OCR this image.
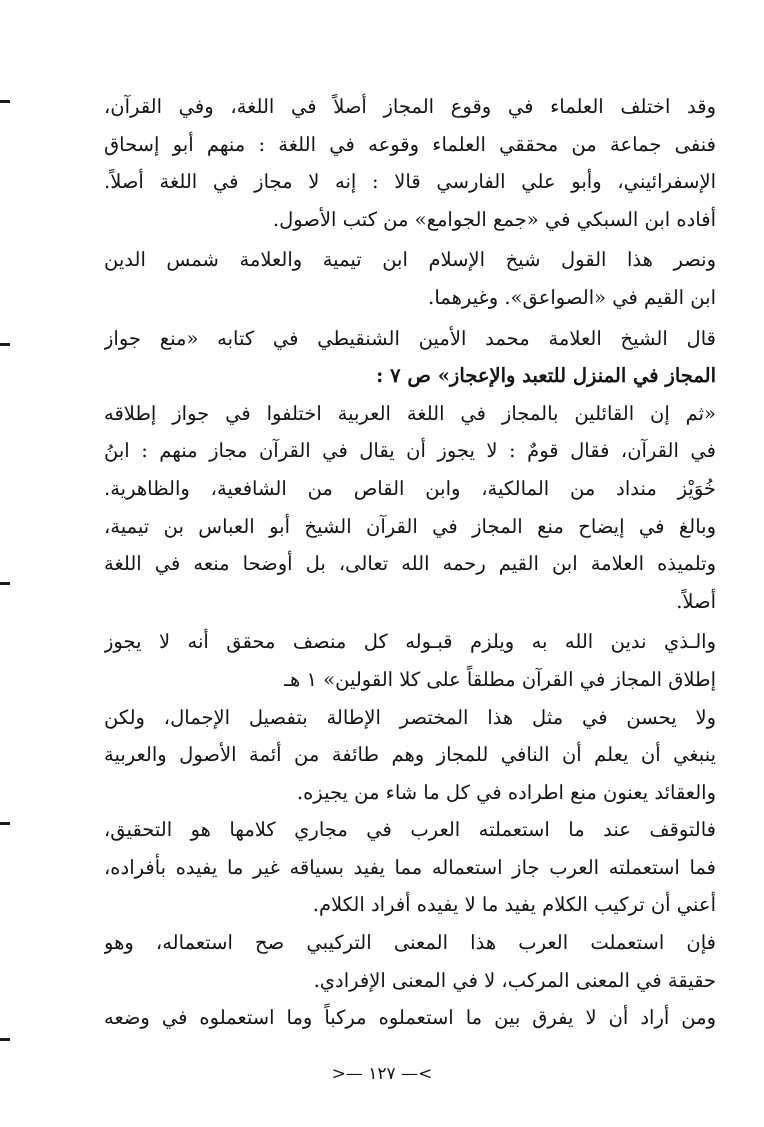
وقد اختلف العلماء في وقوع المجاز أصلاً في اللغة، وفي القرآن،
فنفى جماعة من محققي العلماء وقوعه في اللغة : منهم أبو إسحاق
الإسفرائيني، وأبو علي الفارسي قالا : إنه لا مجاز في اللغة أصلاً.
أفاده ابن السبكي في «جمع الجوامع» من كتب الأصول.
ونصر هذا القول شيخ الإسلام ابن تيمية والعلامة شمس الدين
ابن القيم في «الصواعق». وغيرهما.
قال الشيخ العلامة محمد الأمين الشنقيطي في كتابه «منع جواز
المجاز في المنزل للتعبد والإعجاز» ص ٧ :
«ثم إن القائلين بالمجاز في اللغة العربية اختلفوا في جواز إطلاقه
في القرآن، فقال قومٌ : لا يجوز أن يقال في القرآن مجاز منهم : ابنُ
خُوَيْز منداد من المالكية، وابن القاص من الشافعية، والظاهرية.
وبالغ في إيضاح منع المجاز في القرآن الشيخ أبو العباس بن تيمية،
وتلميذه العلامة ابن القيم رحمه الله تعالى، بل أوضحا منعه في اللغة
أصلاً.
والـذي ندين الله به ويلزم قبـوله كل منصف محقق أنه لا يجوز
إطلاق المجاز في القرآن مطلقاً على كلا القولين» ١ هـ
ولا يحسن في مثل هذا المختصر الإطالة بتفصيل الإجمال، ولكن
ينبغي أن يعلم أن النافي للمجاز وهم طائفة من أئمة الأصول والعربية
والعقائد يعنون منع اطراده في كل ما شاء من يجيزه.
فالتوقف عند ما استعملته العرب في مجاري كلامها هو التحقيق،
فما استعملته العرب جاز استعماله مما يفيد بسياقه غير ما يفيده بأفراده،
أعني أن تركيب الكلام يفيد ما لا يفيده أفراد الكلام.
فإن استعملت العرب هذا المعنى التركيبي صح استعماله، وهو
حقيقة في المعنى المركب، لا في المعنى الإفرادي.
ومن أراد أن لا يفرق بين ما استعملوه مركباً وما استعملوه في وضعه
>— ١٢٧ —<
